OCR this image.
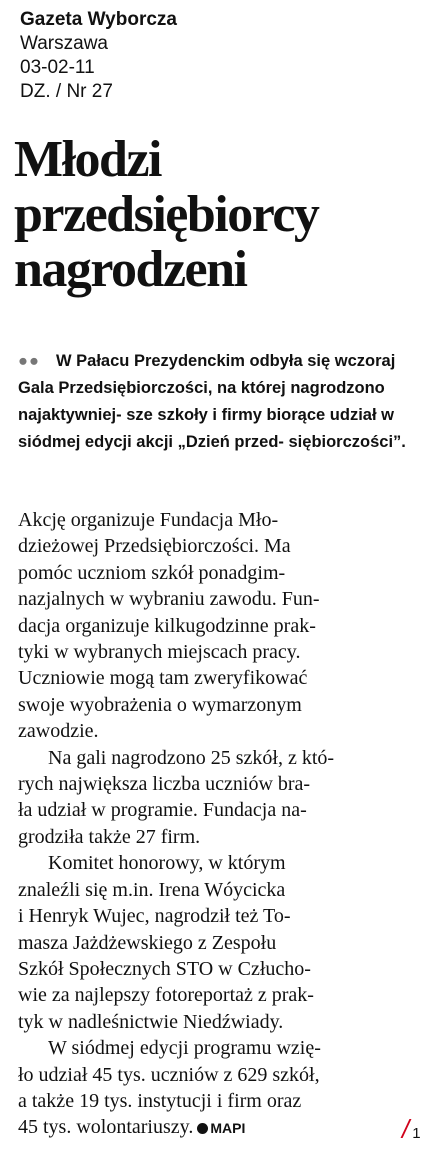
Gazeta Wyborcza
Warszawa
03-02-11
DZ. / Nr 27
Młodzi
przedsiębiorcy
nagrodzeni

●● W Pałacu Prezydenckim odbyła się wczoraj Gala Przedsiębiorczości, na której nagrodzono najaktywniej- sze szkoły i firmy biorące udział w siódmej edycji akcji „Dzień przed- siębiorczości”.

Akcję organizuje Fundacja Mło-
dzieżowej Przedsiębiorczości. Ma
pomóc uczniom szkół ponadgim-
nazjalnych w wybraniu zawodu. Fun-
dacja organizuje kilkugodzinne prak-
tyki w wybranych miejscach pracy.
Uczniowie mogą tam zweryfikować
swoje wyobrażenia o wymarzonym
zawodzie.
Na gali nagrodzono 25 szkół, z któ-
rych największa liczba uczniów bra-
ła udział w programie. Fundacja na-
grodziła także 27 firm.
Komitet honorowy, w którym
znaleźli się m.in. Irena Wóycicka
i Henryk Wujec, nagrodził też To-
masza Jażdżewskiego z Zespołu
Szkół Społecznych STO w Człucho-
wie za najlepszy fotoreportaż z prak-
tyk w nadleśnictwie Niedźwiady.
W siódmej edycji programu wzię-
ło udział 45 tys. uczniów z 629 szkół,
a także 19 tys. instytucji i firm oraz
45 tys. wolontariuszy. MAPI	/ 1
